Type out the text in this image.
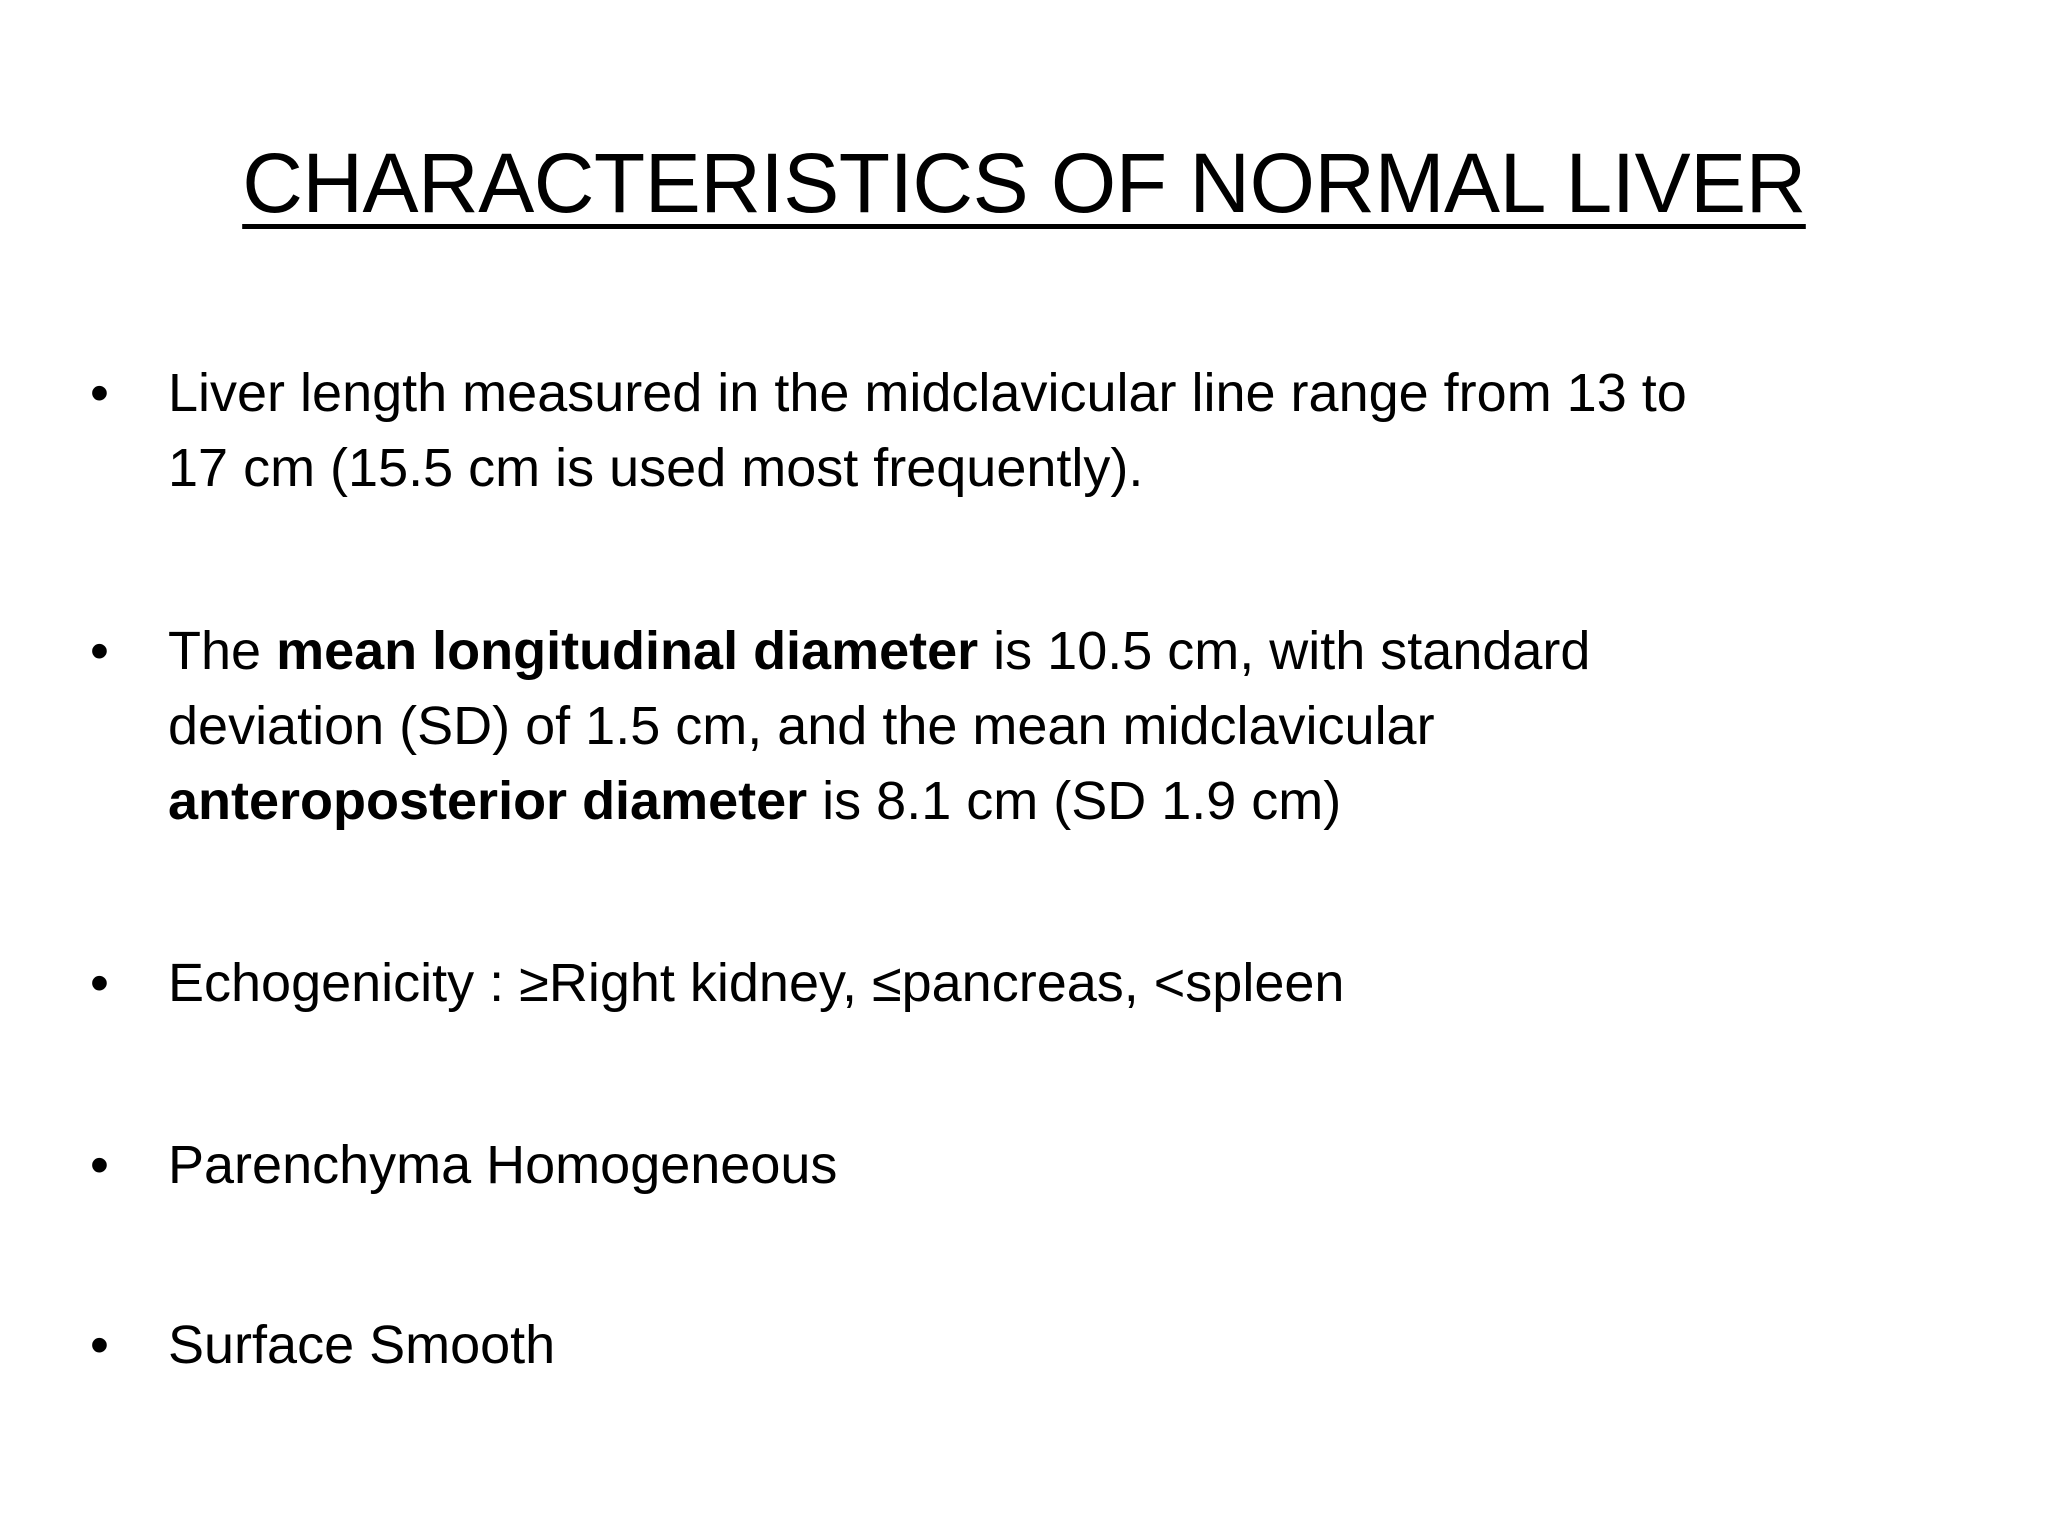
CHARACTERISTICS OF NORMAL LIVER
•	Liver length measured in the midclavicular line range from 13 to
17 cm (15.5 cm is used most frequently).
•	The mean longitudinal diameter is 10.5 cm, with standard
deviation (SD) of 1.5 cm, and the mean midclavicular
anteroposterior diameter is 8.1 cm (SD 1.9 cm)
•	Echogenicity : ≥Right kidney, ≤pancreas, <spleen
•	Parenchyma Homogeneous
•	Surface Smooth
